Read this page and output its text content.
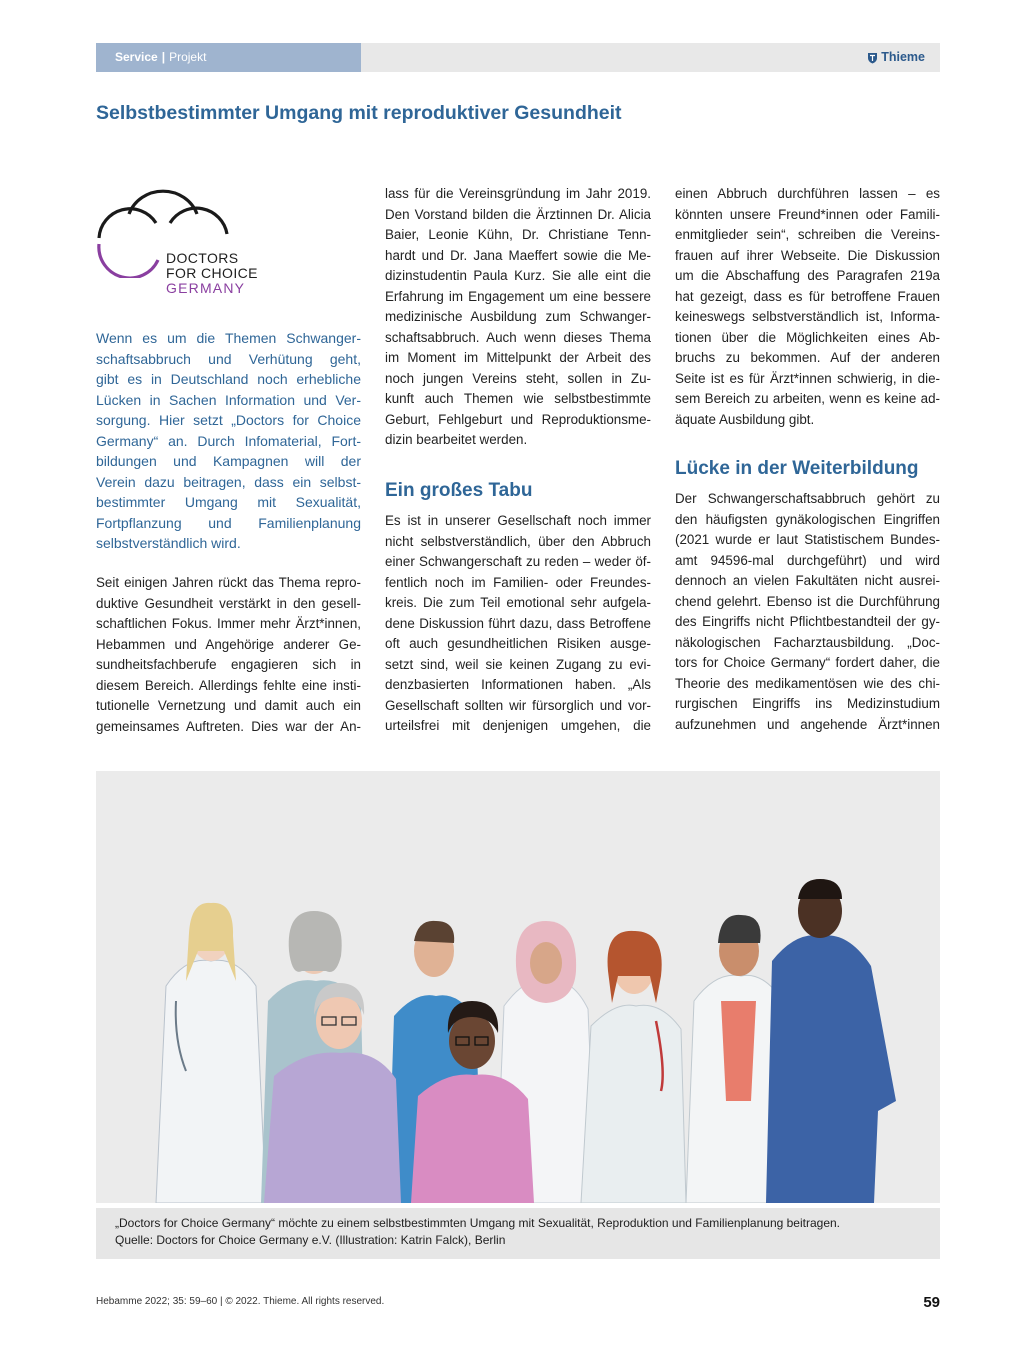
Service | Projekt	Thieme
Selbstbestimmter Umgang mit reproduktiver Gesundheit
DOCTORS
FOR CHOICE
GERMANY
Wenn es um die Themen Schwanger-
schaftsabbruch und Verhütung geht,
gibt es in Deutschland noch erhebliche
Lücken in Sachen Information und Ver-
sorgung. Hier setzt „Doctors for Choice
Germany“ an. Durch Infomaterial, Fort-
bildungen und Kampagnen will der
Verein dazu beitragen, dass ein selbst-
bestimmter Umgang mit Sexualität,
Fortpflanzung und Familienplanung
selbstverständlich wird.
Seit einigen Jahren rückt das Thema repro-
duktive Gesundheit verstärkt in den gesell-
schaftlichen Fokus. Immer mehr Ärzt*innen,
Hebammen und Angehörige anderer Ge-
sundheitsfachberufe engagieren sich in
diesem Bereich. Allerdings fehlte eine insti-
tutionelle Vernetzung und damit auch ein
gemeinsames Auftreten. Dies war der An-
lass für die Vereinsgründung im Jahr 2019.
Den Vorstand bilden die Ärztinnen Dr. Alicia
Baier, Leonie Kühn, Dr. Christiane Tenn-
hardt und Dr. Jana Maeffert sowie die Me-
dizinstudentin Paula Kurz. Sie alle eint die
Erfahrung im Engagement um eine bessere
medizinische Ausbildung zum Schwanger-
schaftsabbruch. Auch wenn dieses Thema
im Moment im Mittelpunkt der Arbeit des
noch jungen Vereins steht, sollen in Zu-
kunft auch Themen wie selbstbestimmte
Geburt, Fehlgeburt und Reproduktionsme-
dizin bearbeitet werden.
Ein großes Tabu
Es ist in unserer Gesellschaft noch immer
nicht selbstverständlich, über den Abbruch
einer Schwangerschaft zu reden – weder öf-
fentlich noch im Familien- oder Freundes-
kreis. Die zum Teil emotional sehr aufgela-
dene Diskussion führt dazu, dass Betroffene
oft auch gesundheitlichen Risiken ausge-
setzt sind, weil sie keinen Zugang zu evi-
denzbasierten Informationen haben. „Als
Gesellschaft sollten wir fürsorglich und vor-
urteilsfrei mit denjenigen umgehen, die
einen Abbruch durchführen lassen – es
könnten unsere Freund*innen oder Famili-
enmitglieder sein“, schreiben die Vereins-
frauen auf ihrer Webseite. Die Diskussion
um die Abschaffung des Paragrafen 219a
hat gezeigt, dass es für betroffene Frauen
keineswegs selbstverständlich ist, Informa-
tionen über die Möglichkeiten eines Ab-
bruchs zu bekommen. Auf der anderen
Seite ist es für Ärzt*innen schwierig, in die-
sem Bereich zu arbeiten, wenn es keine ad-
äquate Ausbildung gibt.
Lücke in der Weiterbildung
Der Schwangerschaftsabbruch gehört zu
den häufigsten gynäkologischen Eingriffen
(2021 wurde er laut Statistischem Bundes-
amt 94596-mal durchgeführt) und wird
dennoch an vielen Fakultäten nicht ausrei-
chend gelehrt. Ebenso ist die Durchführung
des Eingriffs nicht Pflichtbestandteil der gy-
näkologischen Facharztausbildung. „Doc-
tors for Choice Germany“ fordert daher, die
Theorie des medikamentösen wie des chi-
rurgischen Eingriffs ins Medizinstudium
aufzunehmen und angehende Ärzt*innen
„Doctors for Choice Germany“ möchte zu einem selbstbestimmten Umgang mit Sexualität, Reproduktion und Familienplanung beitragen.
Quelle: Doctors for Choice Germany e.V. (Illustration: Katrin Falck), Berlin
Hebamme 2022; 35: 59–60 | © 2022. Thieme. All rights reserved.	59
